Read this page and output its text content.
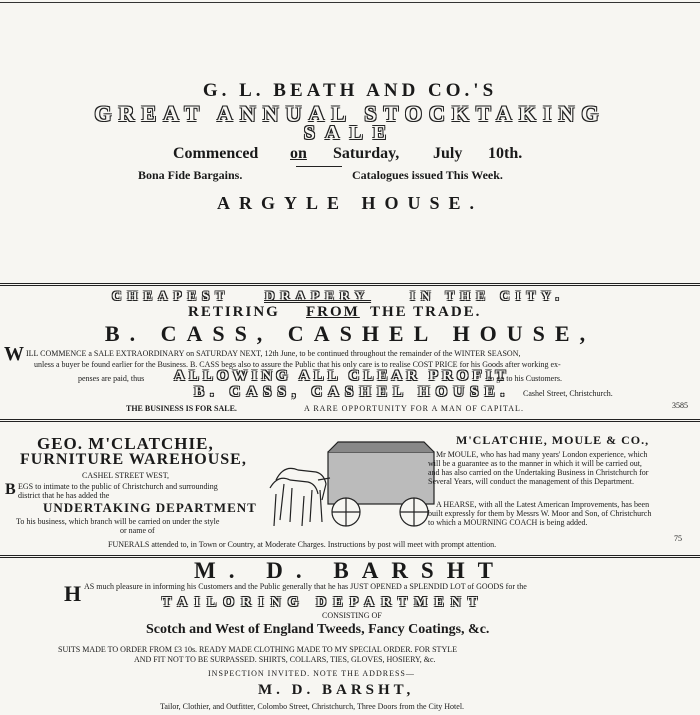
G. L. BEATH AND CO.'S
GREAT ANNUAL STOCKTAKING
SALE
Commenced on Saturday, July 10th.
Bona Fide Bargains.	Catalogues issued This Week.
ARGYLE HOUSE.
CHEAPEST	DRAPERY	IN THE CITY.
RETIRING FROM THE TRADE.
B. CASS, CASHEL HOUSE,
W ILL COMMENCE a SALE EXTRAORDINARY on SATURDAY NEXT, 12th June, to be continued throughout the remainder of the WINTER SEASON,
unless a buyer be found earlier for the Business. B. CASS begs also to assure the Public that his only care is to realise COST PRICE for his Goods after working ex-
penses are paid, thus ALLOWING ALL CLEAR PROFIT
to go to his Customers.
B. CASS, CASHEL HOUSE. Cashel Street, Christchurch.
THE BUSINESS IS FOR SALE.	A RARE OPPORTUNITY FOR A MAN OF CAPITAL.	3585
GEO. M'CLATCHIE,
FURNITURE WAREHOUSE,
CASHEL STREET WEST,
B EGS to intimate to the public of Christchurch and surrounding
district that he has added the
UNDERTAKING DEPARTMENT
To his business, which branch will be carried on under the style
or name of
M'CLATCHIE, MOULE & CO.,
Mr MOULE, who has had many years' London experience, which
will be a guarantee as to the manner in which it will be carried out,
and has also carried on the Undertaking Business in Christchurch for
Several Years, will conduct the management of this Department.
A HEARSE, with all the Latest American Improvements, has been
built expressly for them by Messrs W. Moor and Son, of Christchurch
to which a MOURNING COACH is being added.
FUNERALS attended to, in Town or Country, at Moderate Charges. Instructions by post will meet with prompt attention.
75
M. D. BARSHT
H AS much pleasure in informing his Customers and the Public generally that he has JUST OPENED a SPLENDID LOT of GOODS for the
TAILORING DEPARTMENT
CONSISTING OF
Scotch and West of England Tweeds, Fancy Coatings, &c.
SUITS MADE TO ORDER FROM £3 10s. READY MADE CLOTHING MADE TO MY SPECIAL ORDER. FOR STYLE
AND FIT NOT TO BE SURPASSED. SHIRTS, COLLARS, TIES, GLOVES, HOSIERY, &c.
INSPECTION INVITED. NOTE THE ADDRESS—
M. D. BARSHT,
Tailor, Clothier, and Outfitter, Colombo Street, Christchurch, Three Doors from the City Hotel.
